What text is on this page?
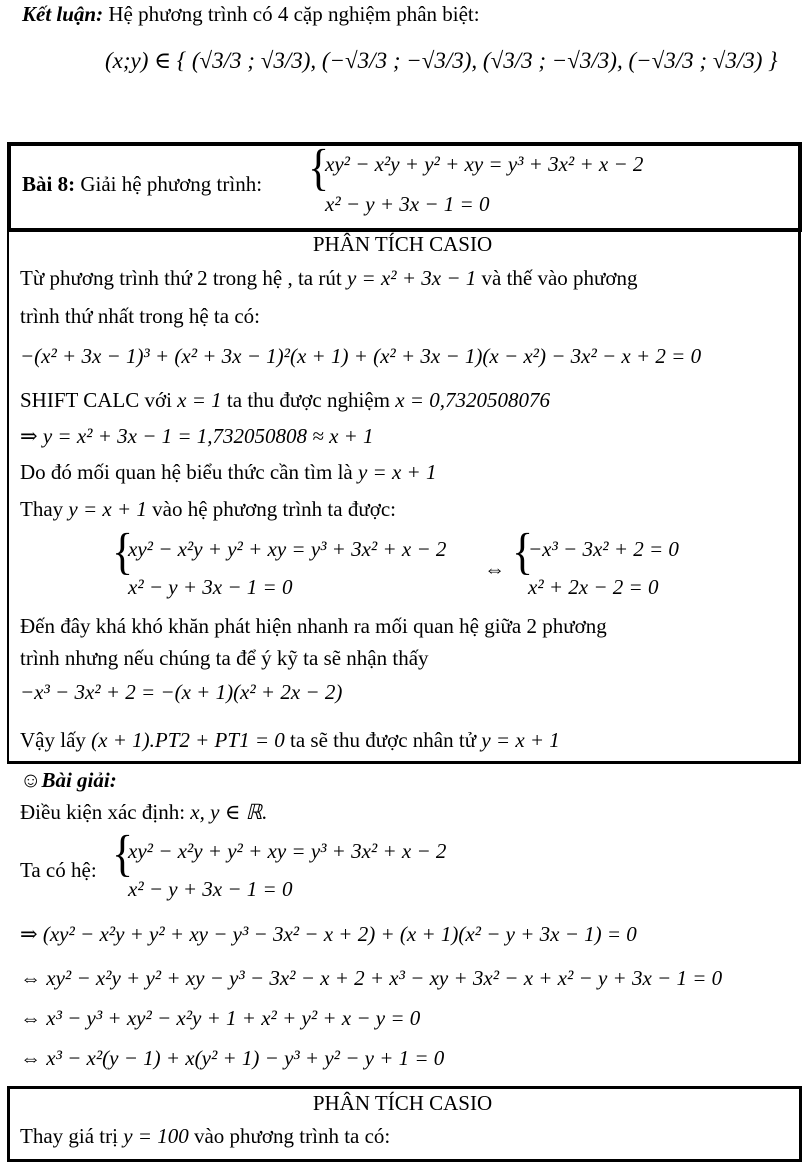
Kết luận: Hệ phương trình có 4 cặp nghiệm phân biệt:
(x;y) ∈ { (√3/3 ; √3/3), (−√3/3 ; −√3/3), (√3/3 ; −√3/3), (−√3/3 ; √3/3) }
Bài 8: Giải hệ phương trình: {
xy² − x²y + y² + xy = y³ + 3x² + x − 2
x² − y + 3x − 1 = 0
PHÂN TÍCH CASIO
Từ phương trình thứ 2 trong hệ , ta rút y = x² + 3x − 1 và thế vào phương
trình thứ nhất trong hệ ta có:
−(x² + 3x − 1)³ + (x² + 3x − 1)²(x + 1) + (x² + 3x − 1)(x − x²) − 3x² − x + 2 = 0
SHIFT CALC với x = 1 ta thu được nghiệm x = 0,7320508076
⇒ y = x² + 3x − 1 = 1,732050808 ≈ x + 1
Do đó mối quan hệ biểu thức cần tìm là y = x + 1
Thay y = x + 1 vào hệ phương trình ta được:
{
xy² − x²y + y² + xy = y³ + 3x² + x − 2
x² − y + 3x − 1 = 0
⇔ {
−x³ − 3x² + 2 = 0
x² + 2x − 2 = 0
Đến đây khá khó khăn phát hiện nhanh ra mối quan hệ giữa 2 phương
trình nhưng nếu chúng ta để ý kỹ ta sẽ nhận thấy
−x³ − 3x² + 2 = −(x + 1)(x² + 2x − 2)
Vậy lấy (x + 1).PT2 + PT1 = 0 ta sẽ thu được nhân tử y = x + 1
☺Bài giải:
Điều kiện xác định: x, y ∈ ℝ.
Ta có hệ: {
xy² − x²y + y² + xy = y³ + 3x² + x − 2
x² − y + 3x − 1 = 0
⇒ (xy² − x²y + y² + xy − y³ − 3x² − x + 2) + (x + 1)(x² − y + 3x − 1) = 0
⇔ xy² − x²y + y² + xy − y³ − 3x² − x + 2 + x³ − xy + 3x² − x + x² − y + 3x − 1 = 0
⇔ x³ − y³ + xy² − x²y + 1 + x² + y² + x − y = 0
⇔ x³ − x²(y − 1) + x(y² + 1) − y³ + y² − y + 1 = 0
PHÂN TÍCH CASIO
Thay giá trị y = 100 vào phương trình ta có:
